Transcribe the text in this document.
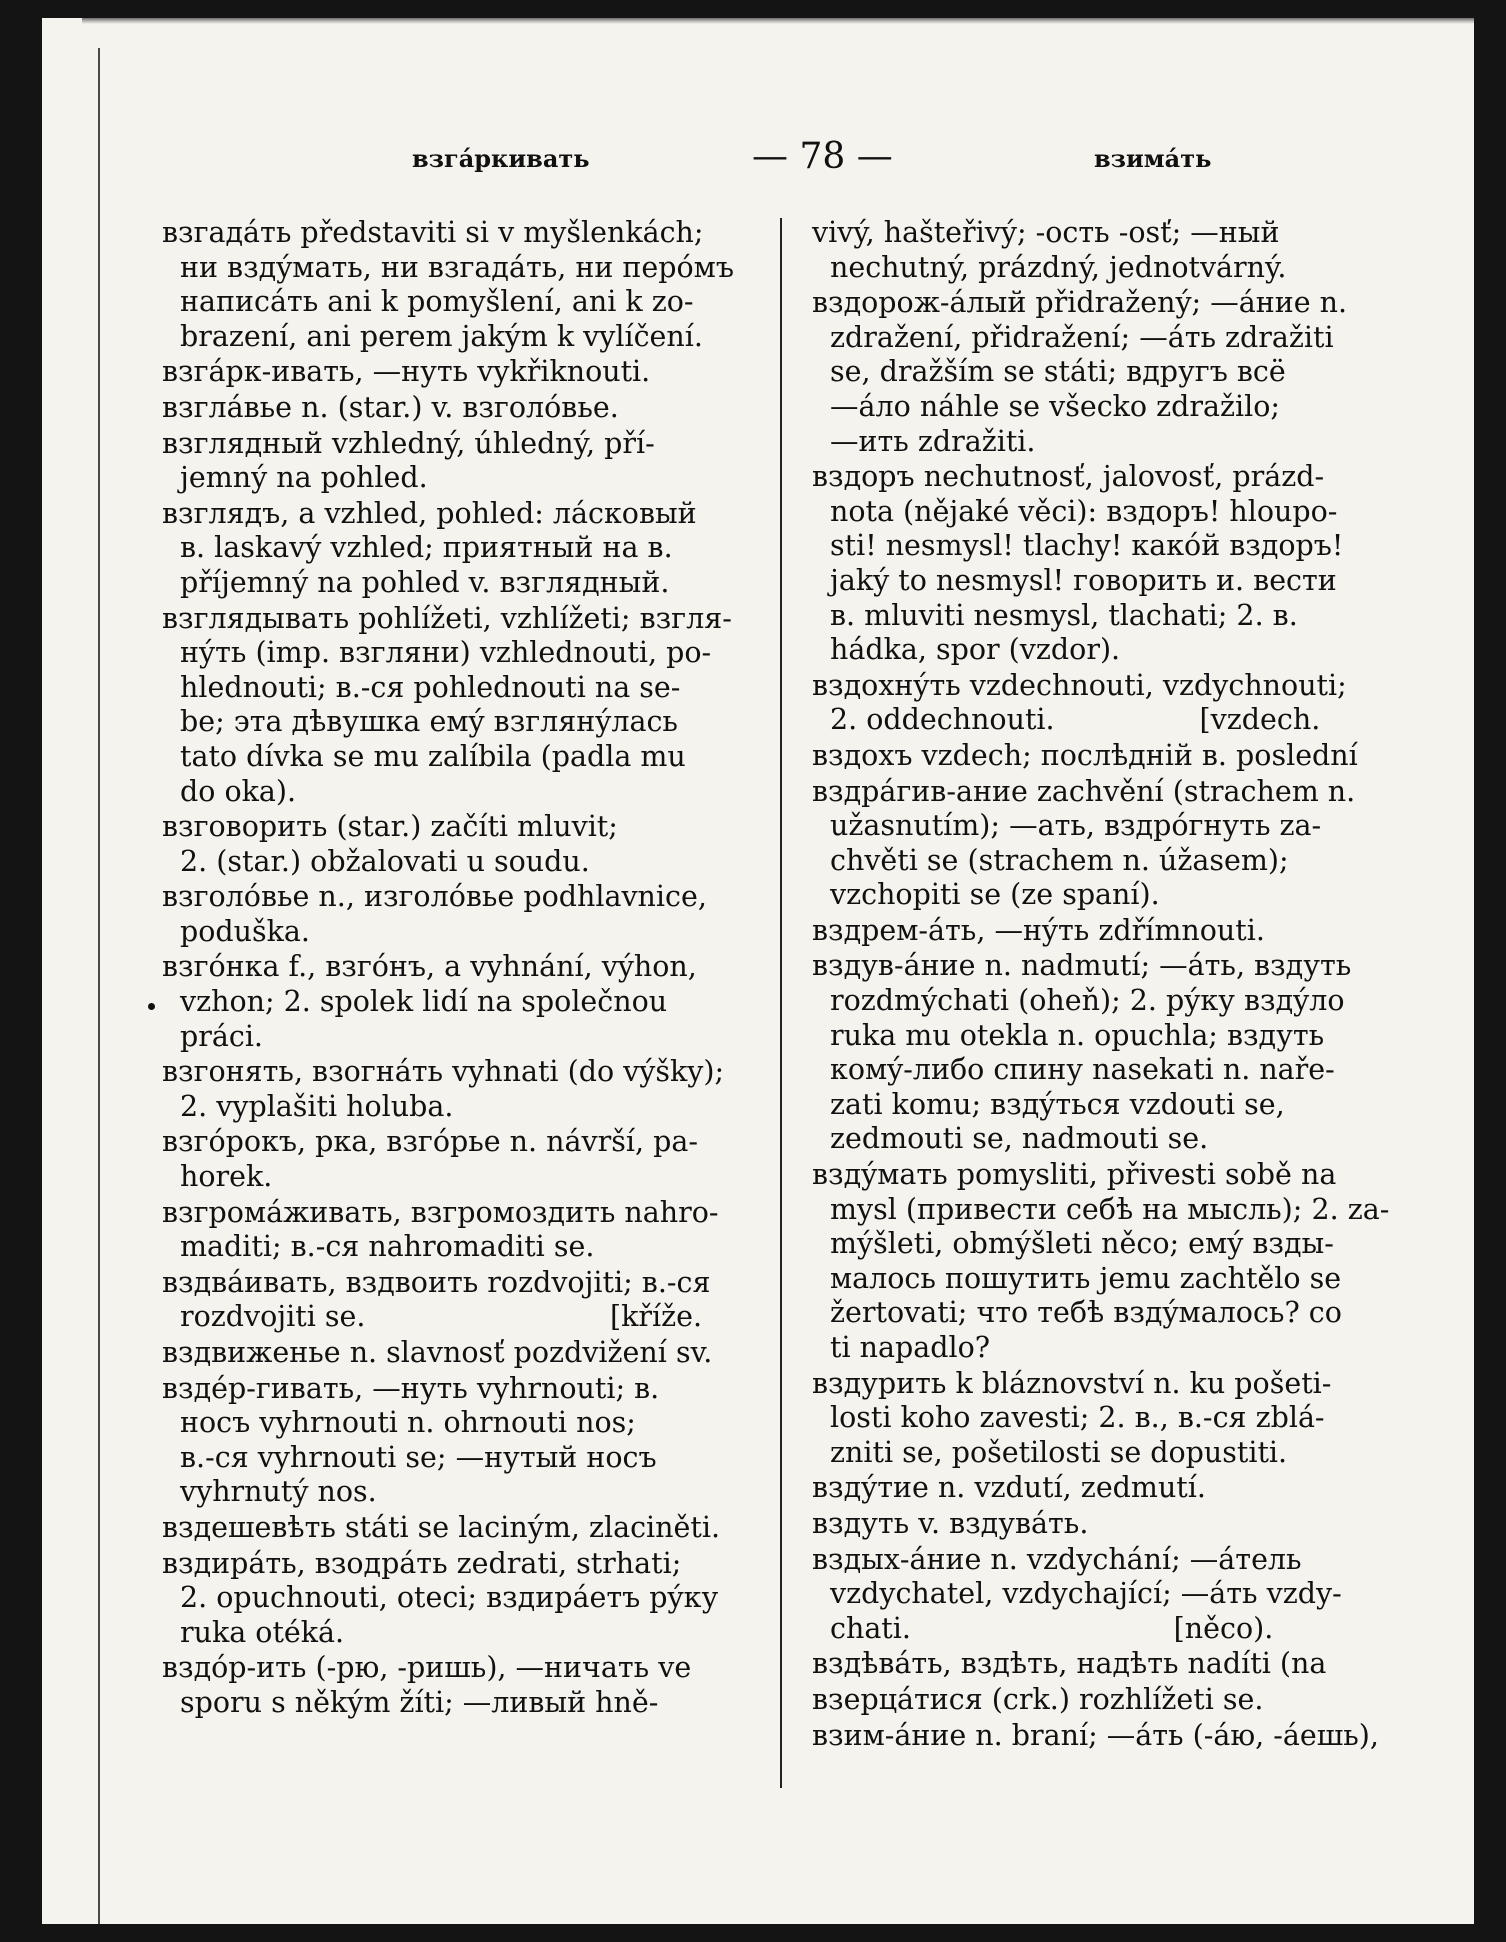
взгáркивать	— 78 —	взимáть
взгадáть představiti si v myšlenkách;
ни вздýмать, ни взгадáть, ни перóмъ
написáть ani k pomyšlení, ani k zo-
brazení, ani perem jakým k vylíčení.
взгáрк-ивать, —нуть vykřiknouti.
взглáвье n. (star.) v. взголóвье.
взглядный vzhledný, úhledný, pří-
jemný na pohled.
взглядъ, a vzhled, pohled: лáсковый
в. laskavý vzhled; приятный на в.
příjemný na pohled v. взглядный.
взглядывать pohlížeti, vzhlížeti; взгля-
нýть (imp. взгляни) vzhlednouti, po-
hlednouti; в.-ся pohlednouti na se-
be; эта дѣвушка емý взглянýлась
tato dívka se mu zalíbila (padla mu
do oka).
взговорить (star.) začíti mluvit;
2. (star.) obžalovati u soudu.
взголóвье n., изголóвье podhlavnice,
poduška.
взгóнка f., взгóнъ, a vyhnání, výhon,
vzhon; 2. spolek lidí na společnou
práci.
взгонять, взогнáть vyhnati (do výšky);
2. vyplašiti holuba.
взгóрокъ, рка, взгóрье n. návrší, pa-
horek.
взгромáживать, взгромоздить nahro-
maditi; в.-ся nahromaditi se.
вздвáивать, вздвоить rozdvojiti; в.-ся
rozdvojiti se.                           [kříže.
вздвиженье n. slavnosť pozdvižení sv.
вздéр-гивать, —нуть vyhrnouti; в.
носъ vyhrnouti n. ohrnouti nos;
в.-ся vyhrnouti se; —нутый носъ
vyhrnutý nos.
вздешевѣть státi se laciným, zlaciněti.
вздирáть, взодрáть zedrati, strhati;
2. opuchnouti, oteci; вздирáетъ рýку
ruka otéká.
вздóр-ить (-рю, -ришь), —ничать ve
sporu s někým žíti; —ливый hně-
vivý, hašteřivý; -ость -osť; —ный
nechutný, prázdný, jednotvárný.
вздорож-áлый přidražený; —áние n.
zdražení, přidražení; —áть zdražiti
se, dražším se státi; вдругъ всё
—áло náhle se všecko zdražilo;
—ить zdražiti.
вздоръ nechutnosť, jalovosť, prázd-
nota (nějaké věci): вздоръ! hloupo-
sti! nesmysl! tlachy! какóй вздоръ!
jaký to nesmysl! говорить и. вести
в. mluviti nesmysl, tlachati; 2. в.
hádka, spor (vzdor).
вздохнýть vzdechnouti, vzdychnouti;
2. oddechnouti.                [vzdech.
вздохъ vzdech; послѣдній в. poslední
вздрáгив-ание zachvění (strachem n.
užasnutím); —ать, вздрóгнуть za-
chvěti se (strachem n. úžasem);
vzchopiti se (ze spaní).
вздрем-áть, —нýть zdřímnouti.
вздув-áние n. nadmutí; —áть, вздуть
rozdmýchati (oheň); 2. рýку вздýло
ruka mu otekla n. opuchla; вздуть
комý-либо спину nasekati n. nařе-
zati komu; вздýться vzdouti se,
zedmouti se, nadmouti se.
вздýмать pomysliti, přivesti sobě na
mysl (привести себѣ на мысль); 2. za-
mýšleti, obmýšleti něco; емý взды-
малось пошутить jemu zachtělo se
žertovati; что тебѣ вздýмалось? co
ti napadlo?
вздурить k bláznovství n. ku pošeti-
losti koho zavesti; 2. в., в.-ся zblá-
zniti se, pošetilosti se dopustiti.
вздýтие n. vzdutí, zedmutí.
вздуть v. вздувáть.
вздых-áние n. vzdychání; —áтель
vzdychatel, vzdychající; —áть vzdy-
chati.                             [něco).
вздѣвáть, вздѣть, надѣть nadíti (na
взерцáтися (crk.) rozhlížeti se.
взим-áние n. braní; —áть (-áю, -áешь),
